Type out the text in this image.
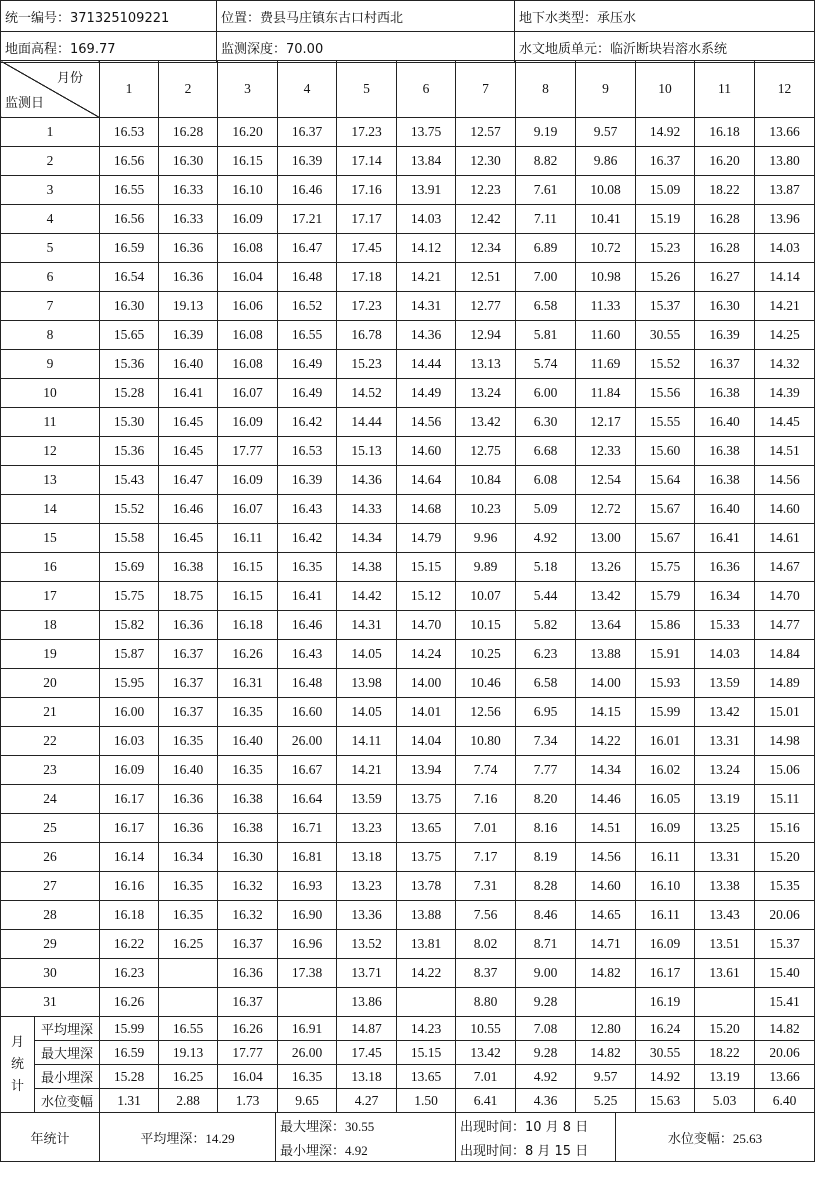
统一编号：371325109221	位置：费县马庄镇东古口村西北	地下水类型：承压水
地面高程：169.77	监测深度：70.00	水文地质单元：临沂断块岩溶水系统
月份
监测日		1	2	3	4	5	6	7	8	9	10	11	12
1		16.53	16.28	16.20	16.37	17.23	13.75	12.57	9.19	9.57	14.92	16.18	13.66
2		16.56	16.30	16.15	16.39	17.14	13.84	12.30	8.82	9.86	16.37	16.20	13.80
3		16.55	16.33	16.10	16.46	17.16	13.91	12.23	7.61	10.08	15.09	18.22	13.87
4		16.56	16.33	16.09	17.21	17.17	14.03	12.42	7.11	10.41	15.19	16.28	13.96
5		16.59	16.36	16.08	16.47	17.45	14.12	12.34	6.89	10.72	15.23	16.28	14.03
6		16.54	16.36	16.04	16.48	17.18	14.21	12.51	7.00	10.98	15.26	16.27	14.14
7		16.30	19.13	16.06	16.52	17.23	14.31	12.77	6.58	11.33	15.37	16.30	14.21
8		15.65	16.39	16.08	16.55	16.78	14.36	12.94	5.81	11.60	30.55	16.39	14.25
9		15.36	16.40	16.08	16.49	15.23	14.44	13.13	5.74	11.69	15.52	16.37	14.32
10		15.28	16.41	16.07	16.49	14.52	14.49	13.24	6.00	11.84	15.56	16.38	14.39
11		15.30	16.45	16.09	16.42	14.44	14.56	13.42	6.30	12.17	15.55	16.40	14.45
12		15.36	16.45	17.77	16.53	15.13	14.60	12.75	6.68	12.33	15.60	16.38	14.51
13		15.43	16.47	16.09	16.39	14.36	14.64	10.84	6.08	12.54	15.64	16.38	14.56
14		15.52	16.46	16.07	16.43	14.33	14.68	10.23	5.09	12.72	15.67	16.40	14.60
15		15.58	16.45	16.11	16.42	14.34	14.79	9.96	4.92	13.00	15.67	16.41	14.61
16		15.69	16.38	16.15	16.35	14.38	15.15	9.89	5.18	13.26	15.75	16.36	14.67
17		15.75	18.75	16.15	16.41	14.42	15.12	10.07	5.44	13.42	15.79	16.34	14.70
18		15.82	16.36	16.18	16.46	14.31	14.70	10.15	5.82	13.64	15.86	15.33	14.77
19		15.87	16.37	16.26	16.43	14.05	14.24	10.25	6.23	13.88	15.91	14.03	14.84
20		15.95	16.37	16.31	16.48	13.98	14.00	10.46	6.58	14.00	15.93	13.59	14.89
21		16.00	16.37	16.35	16.60	14.05	14.01	12.56	6.95	14.15	15.99	13.42	15.01
22		16.03	16.35	16.40	26.00	14.11	14.04	10.80	7.34	14.22	16.01	13.31	14.98
23		16.09	16.40	16.35	16.67	14.21	13.94	7.74	7.77	14.34	16.02	13.24	15.06
24		16.17	16.36	16.38	16.64	13.59	13.75	7.16	8.20	14.46	16.05	13.19	15.11
25		16.17	16.36	16.38	16.71	13.23	13.65	7.01	8.16	14.51	16.09	13.25	15.16
26		16.14	16.34	16.30	16.81	13.18	13.75	7.17	8.19	14.56	16.11	13.31	15.20
27		16.16	16.35	16.32	16.93	13.23	13.78	7.31	8.28	14.60	16.10	13.38	15.35
28		16.18	16.35	16.32	16.90	13.36	13.88	7.56	8.46	14.65	16.11	13.43	20.06
29		16.22	16.25	16.37	16.96	13.52	13.81	8.02	8.71	14.71	16.09	13.51	15.37
30		16.23		16.36	17.38	13.71	14.22	8.37	9.00	14.82	16.17	13.61	15.40
31		16.26		16.37		13.86		8.80	9.28		16.19		15.41

月
统
计	平均埋深	15.99	16.55	16.26	16.91	14.87	14.23	10.55	7.08	12.80	16.24	15.20	14.82
	最大埋深	16.59	19.13	17.77	26.00	17.45	15.15	13.42	9.28	14.82	30.55	18.22	20.06
	最小埋深	15.28	16.25	16.04	16.35	13.18	13.65	7.01	4.92	9.57	14.92	13.19	13.66
	水位变幅	1.31	2.88	1.73	9.65	4.27	1.50	6.41	4.36	5.25	15.63	5.03	6.40
年统计	平均埋深：14.29	最大埋深：30.55	出现时间：10 月 8 日	水位变幅：25.63
		最小埋深：4.92	出现时间：8 月 15 日	
